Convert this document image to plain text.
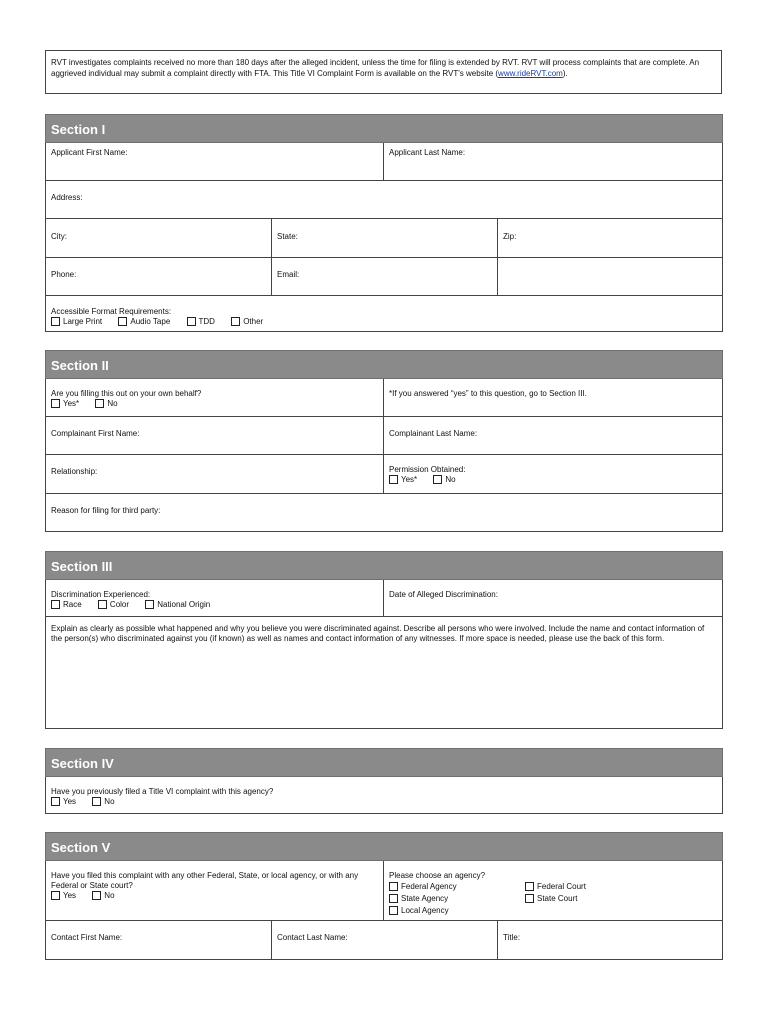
RVT investigates complaints received no more than 180 days after the alleged incident, unless the time for filing is extended by RVT. RVT will process complaints that are complete. An aggrieved individual may submit a complaint directly with FTA. This Title VI Complaint Form is available on the RVT's website (www.rideRVT.com).
Section I
Applicant First Name:	Applicant Last Name:
Address:
City:	State:	Zip:
Phone:	Email:
Accessible Format Requirements:
Large Print	Audio Tape	TDD	Other
Section II
Are you filling this out on your own behalf?
Yes*	No
*If you answered “yes” to this question, go to Section III.
Complainant First Name:	Complainant Last Name:
Relationship:	Permission Obtained:
Yes*	No
Reason for filing for third party:
Section III
Discrimination Experienced:
Race	Color	National Origin
Date of Alleged Discrimination:
Explain as clearly as possible what happened and why you believe you were discriminated against. Describe all persons who were involved. Include the name and contact information of the person(s) who discriminated against you (if known) as well as names and contact information of any witnesses. If more space is needed, please use the back of this form.
Section IV
Have you previously filed a Title VI complaint with this agency?
Yes	No
Section V
Have you filed this complaint with any other Federal, State, or local agency, or with any Federal or State court?
Yes	No
Please choose an agency?
Federal Agency
State Agency
Local Agency
Federal Court
State Court
Contact First Name:	Contact Last Name:	Title:
